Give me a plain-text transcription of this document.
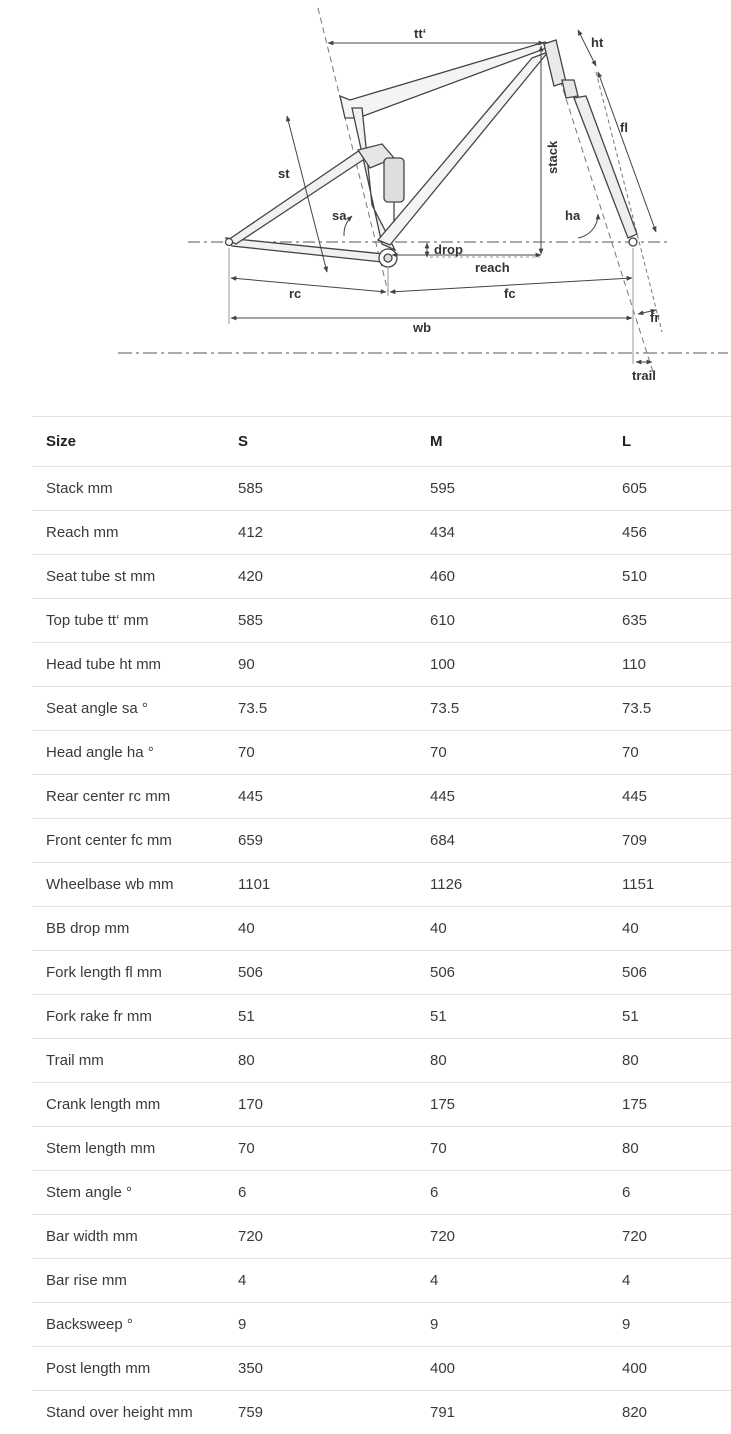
tt‘
ht
fl
st	stack
sa	ha
drop
reach
rc	fc
fr
wb
trail
Size	S	M	L
Stack mm	585	595	605
Reach mm	412	434	456
Seat tube st mm	420	460	510
Top tube tt‘ mm	585	610	635
Head tube ht mm	90	100	110
Seat angle sa °	73.5	73.5	73.5
Head angle ha °	70	70	70
Rear center rc mm	445	445	445
Front center fc mm	659	684	709
Wheelbase wb mm	1101	1126	1151
BB drop mm	40	40	40
Fork length fl mm	506	506	506
Fork rake fr mm	51	51	51
Trail mm	80	80	80
Crank length mm	170	175	175
Stem length mm	70	70	80
Stem angle °	6	6	6
Bar width mm	720	720	720
Bar rise mm	4	4	4
Backsweep °	9	9	9
Post length mm	350	400	400
Stand over height mm	759	791	820
